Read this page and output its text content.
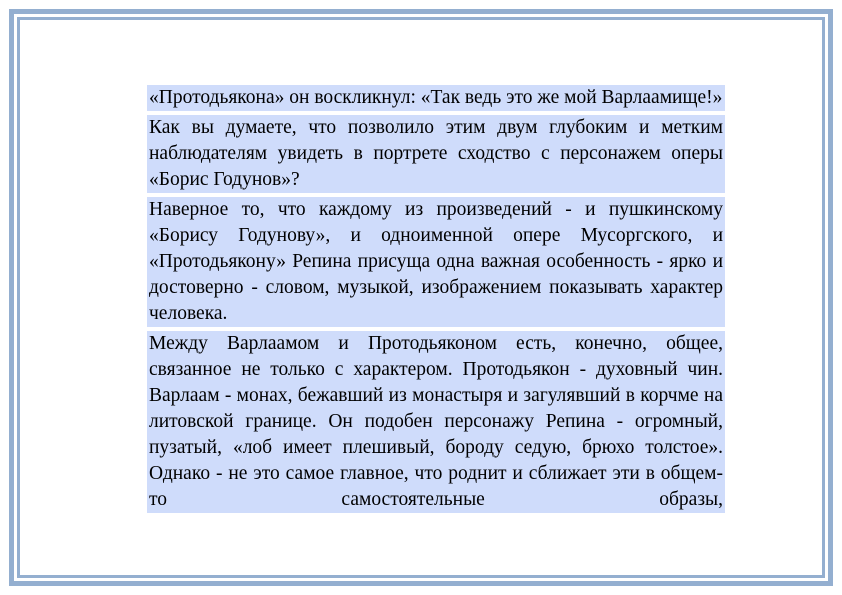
«Протодьякона» он воскликнул: «Так ведь это же мой Варлаамище!»

Как вы думаете, что позволило этим двум глубоким и метким наблюдателям увидеть в портрете сходство с персонажем оперы «Борис Годунов»?

Наверное то, что каждому из произведений - и пушкинскому «Борису Годунову», и одноименной опере Мусоргского, и «Протодьякону» Репина присуща одна важная особенность - ярко и достоверно - словом, музыкой, изображением показывать характер человека.

Между Варлаамом и Протодьяконом есть, конечно, общее, связанное не только с характером. Протодьякон - духовный чин. Варлаам - монах, бежавший из монастыря и загулявший в корчме на литовской границе. Он подобен персонажу Репина - огромный, пузатый, «лоб имеет плешивый, бороду седую, брюхо толстое». Однако - не это самое главное, что роднит и сближает эти в общем-то самостоятельные образы,
